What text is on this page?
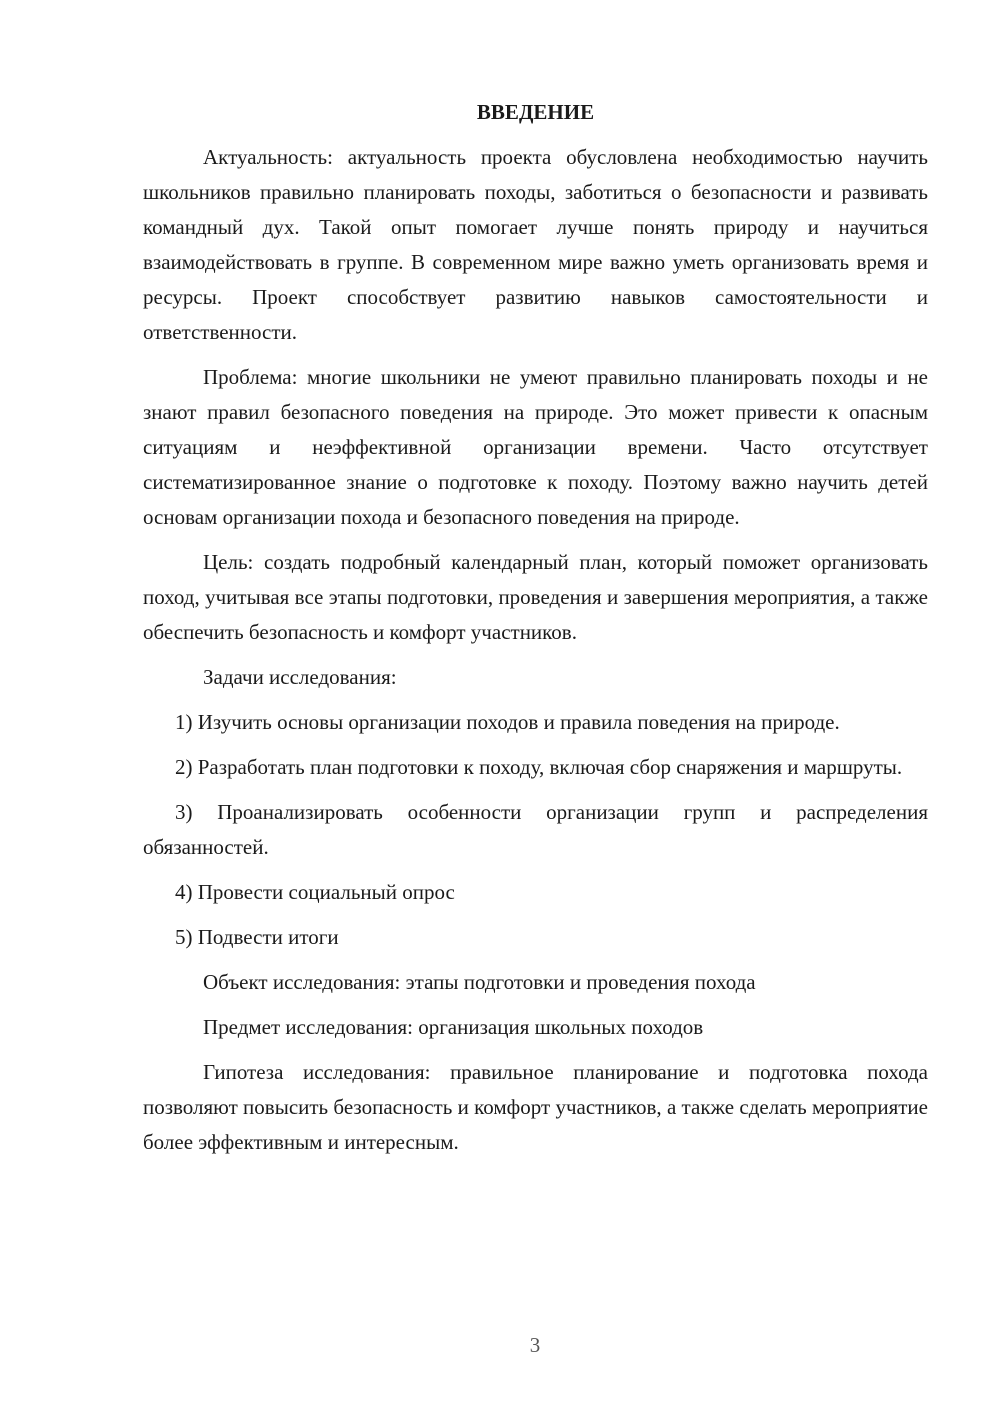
ВВЕДЕНИЕ

Актуальность: актуальность проекта обусловлена необходимостью научить школьников правильно планировать походы, заботиться о безопасности и развивать командный дух. Такой опыт помогает лучше понять природу и научиться взаимодействовать в группе. В современном мире важно уметь организовать время и ресурсы. Проект способствует развитию навыков самостоятельности и ответственности.

Проблема: многие школьники не умеют правильно планировать походы и не знают правил безопасного поведения на природе. Это может привести к опасным ситуациям и неэффективной организации времени. Часто отсутствует систематизированное знание о подготовке к походу. Поэтому важно научить детей основам организации похода и безопасного поведения на природе.

Цель: создать подробный календарный план, который поможет организовать поход, учитывая все этапы подготовки, проведения и завершения мероприятия, а также обеспечить безопасность и комфорт участников.

Задачи исследования:

1) Изучить основы организации походов и правила поведения на природе.

2) Разработать план подготовки к походу, включая сбор снаряжения и маршруты.

3) Проанализировать особенности организации групп и распределения обязанностей.

4) Провести социальный опрос

5) Подвести итоги

Объект исследования: этапы подготовки и проведения похода

Предмет исследования: организация школьных походов

Гипотеза исследования: правильное планирование и подготовка похода позволяют повысить безопасность и комфорт участников, а также сделать мероприятие более эффективным и интересным.

3
